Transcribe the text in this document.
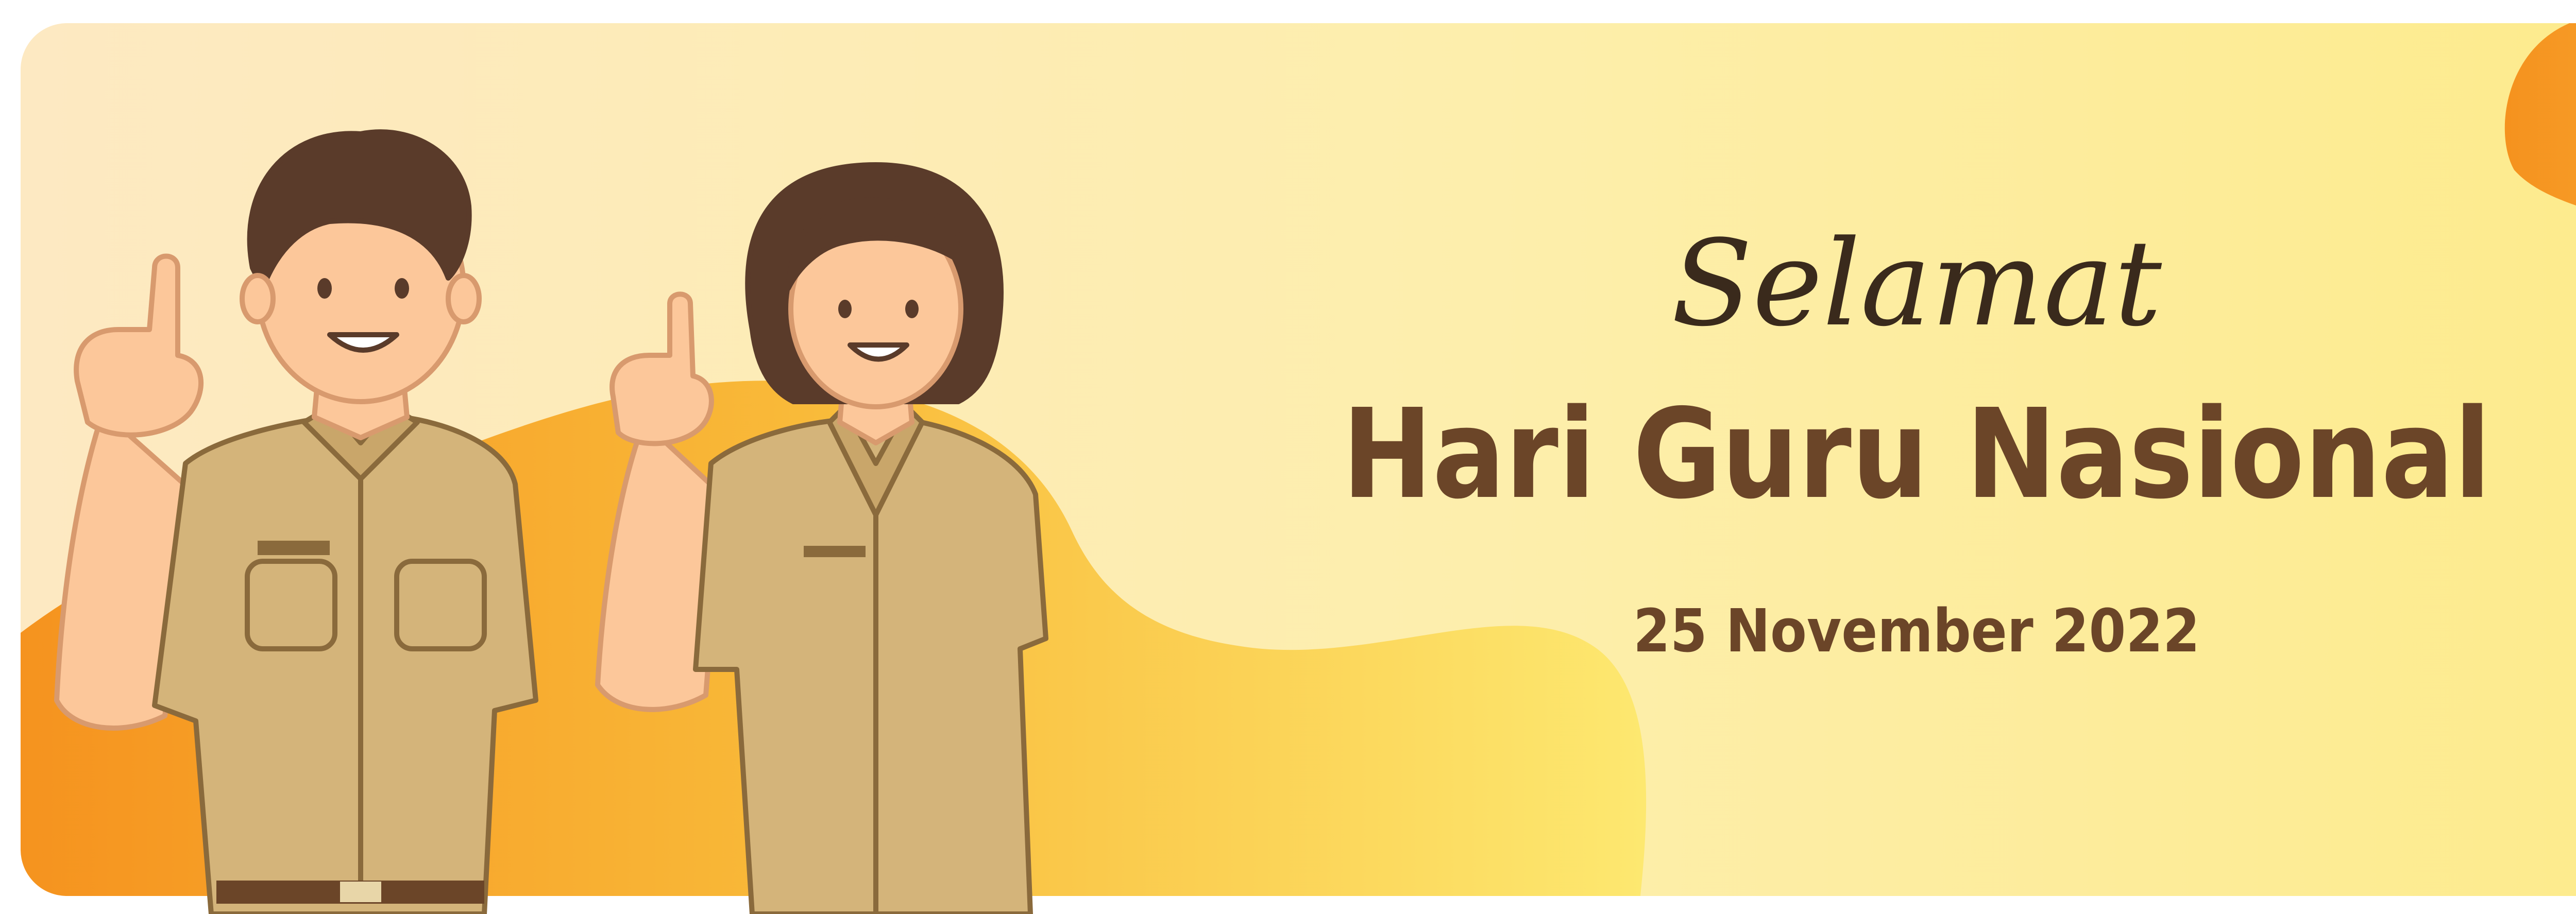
Selamat
Hari Guru Nasional
25 November 2022
